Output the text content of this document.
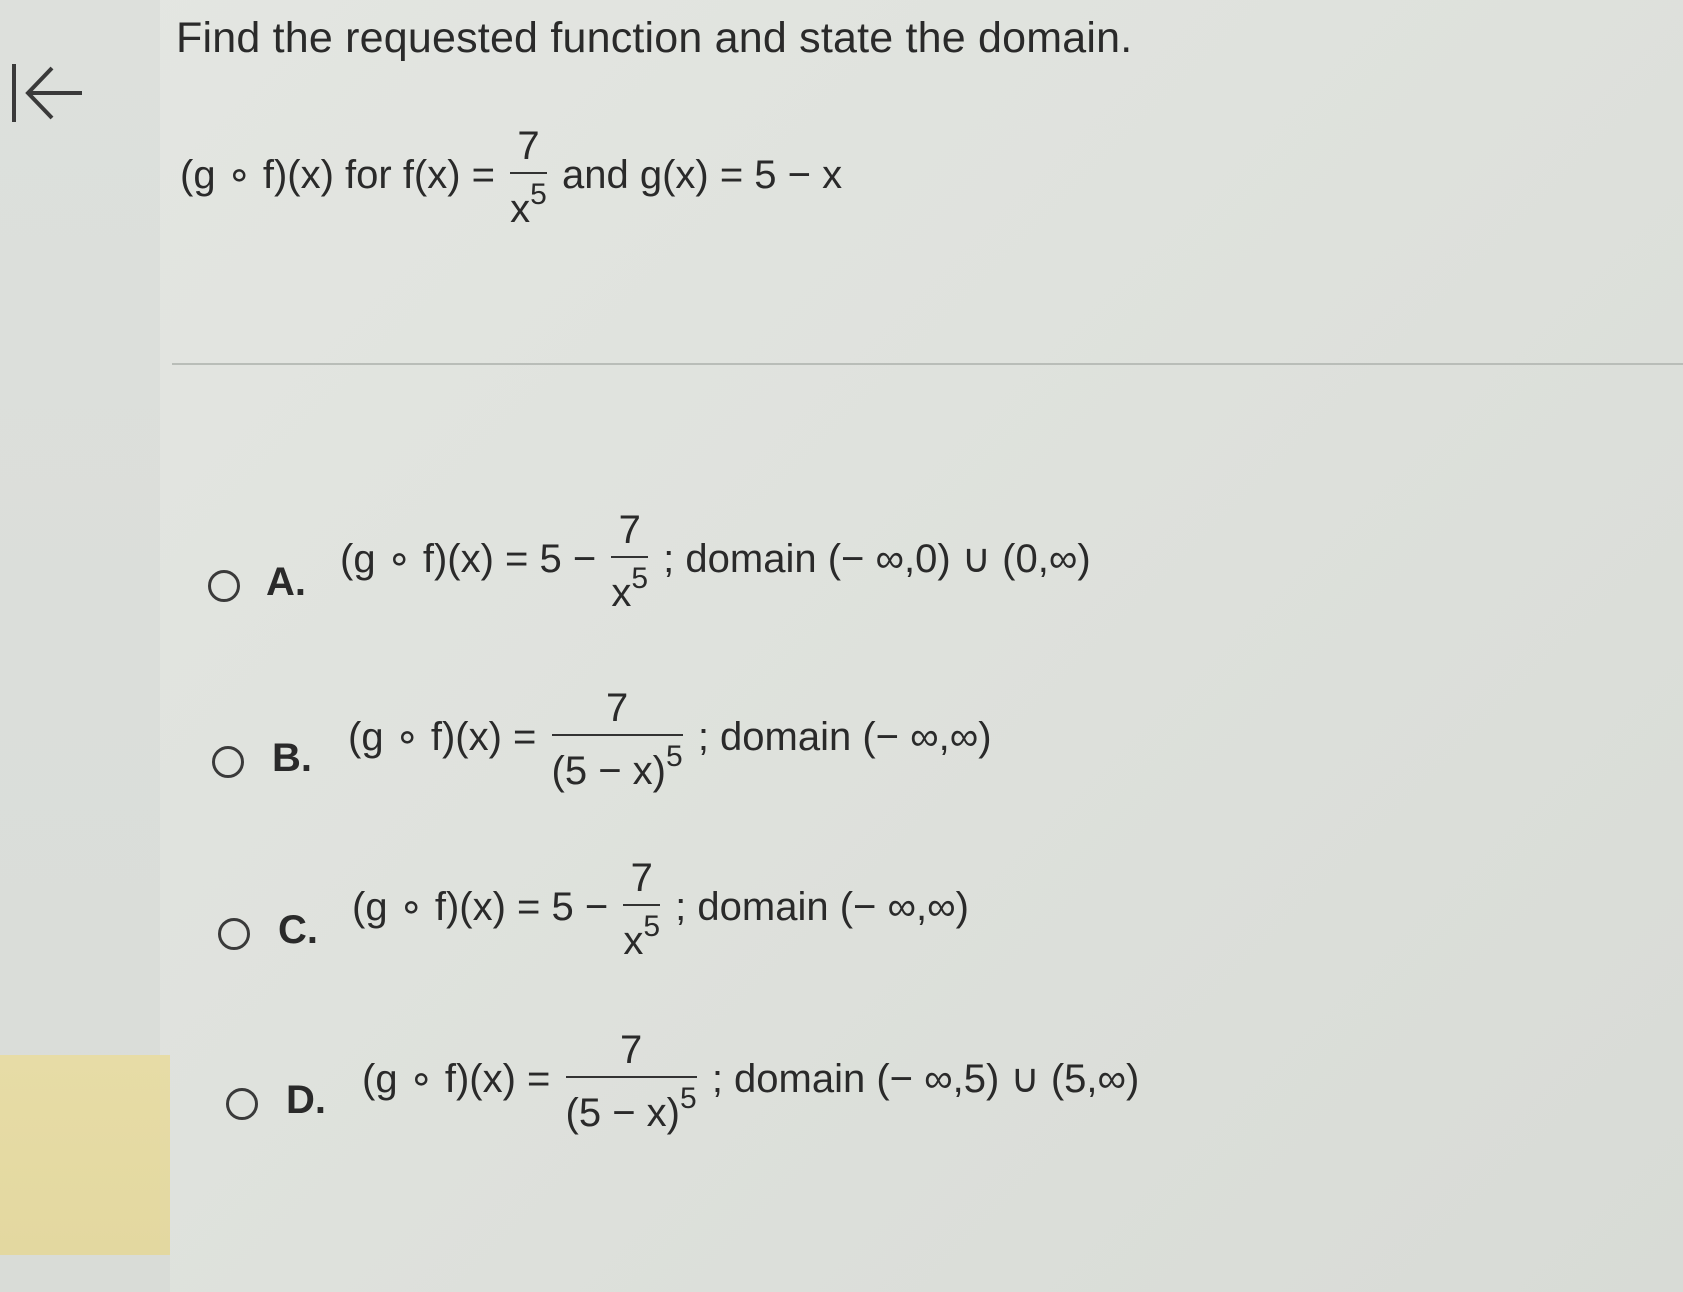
Find the requested function and state the domain.
(g ∘ f)(x) for $f(x) = \frac{7}{x^5}$ and g(x) = 5 − x
A.
(g ∘ $f)(x) = 5 - \frac{7}{x^5}$ ; domain (− ∞,0) ∪ (0,∞)
B. (g ∘ $f)(x) = \frac{7}{(5 - x)^5}$ ; domain (− ∞,∞)
C.
(g ∘ $f)(x) = 5 - \frac{7}{x^5}$ ; domain (− ∞,∞)
D. (g ∘ $f)(x) = \frac{7}{(5 - x)^5}$ ; domain (− ∞,5) ∪ (5,∞)
